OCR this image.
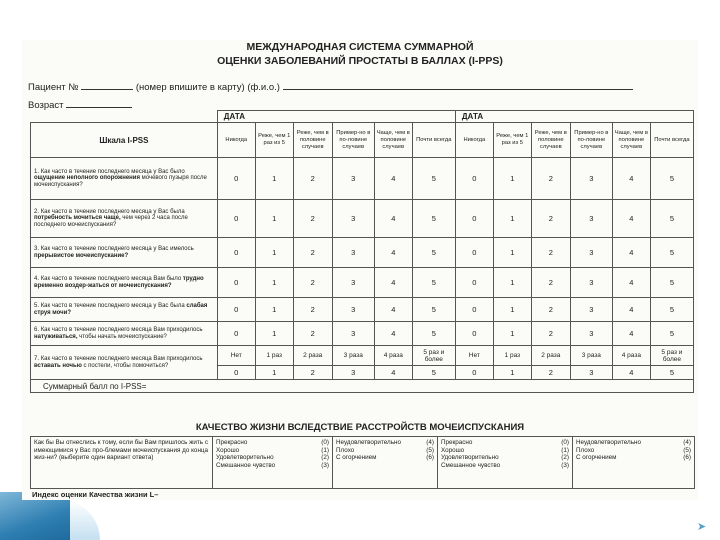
➤
МЕЖДУНАРОДНАЯ СИСТЕМА СУММАРНОЙ
ОЦЕНКИ ЗАБОЛЕВАНИЙ ПРОСТАТЫ В БАЛЛАХ (I-PPS)
Пациент №	(номер впишите в карту) (ф.и.о.)
Возраст
	ДАТА						ДАТА					
Шкала I-PSS	Никогда	Реже, чем 1 раз из 5	Реже, чем в половине случаев	Пример-но в по-ловине случаев	Чаще, чем в половине случаев	Почти всегда	Никогда	Реже, чем 1 раз из 5	Реже, чем в половине случаев	Пример-но в по-ловине случаев	Чаще, чем в половине случаев	Почти всегда
1. Как часто в течение последнего месяца у Вас было ощущение неполного опорожнения мочевого пузыря после мочеиспускания?	0	1	2	3	4	5	0	1	2	3	4	5
2. Как часто в течение последнего месяца у Вас была потребность мочиться чаще, чем через 2 часа после последнего мочеиспускания?	0	1	2	3	4	5	0	1	2	3	4	5
3. Как часто в течение последнего месяца у Вас имелось прерывистое мочеиспускание?	0	1	2	3	4	5	0	1	2	3	4	5
4. Как часто в течение последнего месяца Вам было трудно временно воздер-жаться от мочеиспускания?	0	1	2	3	4	5	0	1	2	3	4	5
5. Как часто в течение последнего месяца у Вас была слабая струя мочи?	0	1	2	3	4	5	0	1	2	3	4	5
6. Как часто в течение последнего месяца Вам приходилось натуживаться, чтобы начать мочеиспускание?	0	1	2	3	4	5	0	1	2	3	4	5
7. Как часто в течение последнего месяца Вам приходилось вставать ночью с постели, чтобы помочиться?	Нет	1 раз	2 раза	3 раза	4 раза	5 раз и более	Нет	1 раз	2 раза	3 раза	4 раза	5 раз и более
	0	1	2	3	4	5	0	1	2	3	4	5
Суммарный балл по I-PSS=												
КАЧЕСТВО ЖИЗНИ ВСЛЕДСТВИЕ РАССТРОЙСТВ МОЧЕИСПУСКАНИЯ
Как бы Вы отнеслись к тому, если бы Вам пришлось жить с имеющимися у Вас про-блемами мочеиспускания до конца жиз-ни? (выберите один вариант ответа)	
Прекрасно	(0)
Хорошо	(1)
Удовлетворительно	(2)
Смешанное чувство	(3)

Неудовлетворительно	(4)
Плохо	(5)
С огорчением	(6)

Прекрасно	(0)
Хорошо	(1)
Удовлетворительно	(2)
Смешанное чувство	(3)

Неудовлетворительно	(4)
Плохо	(5)
С огорчением	(6)
Индекс оценки Качества жизни L–
